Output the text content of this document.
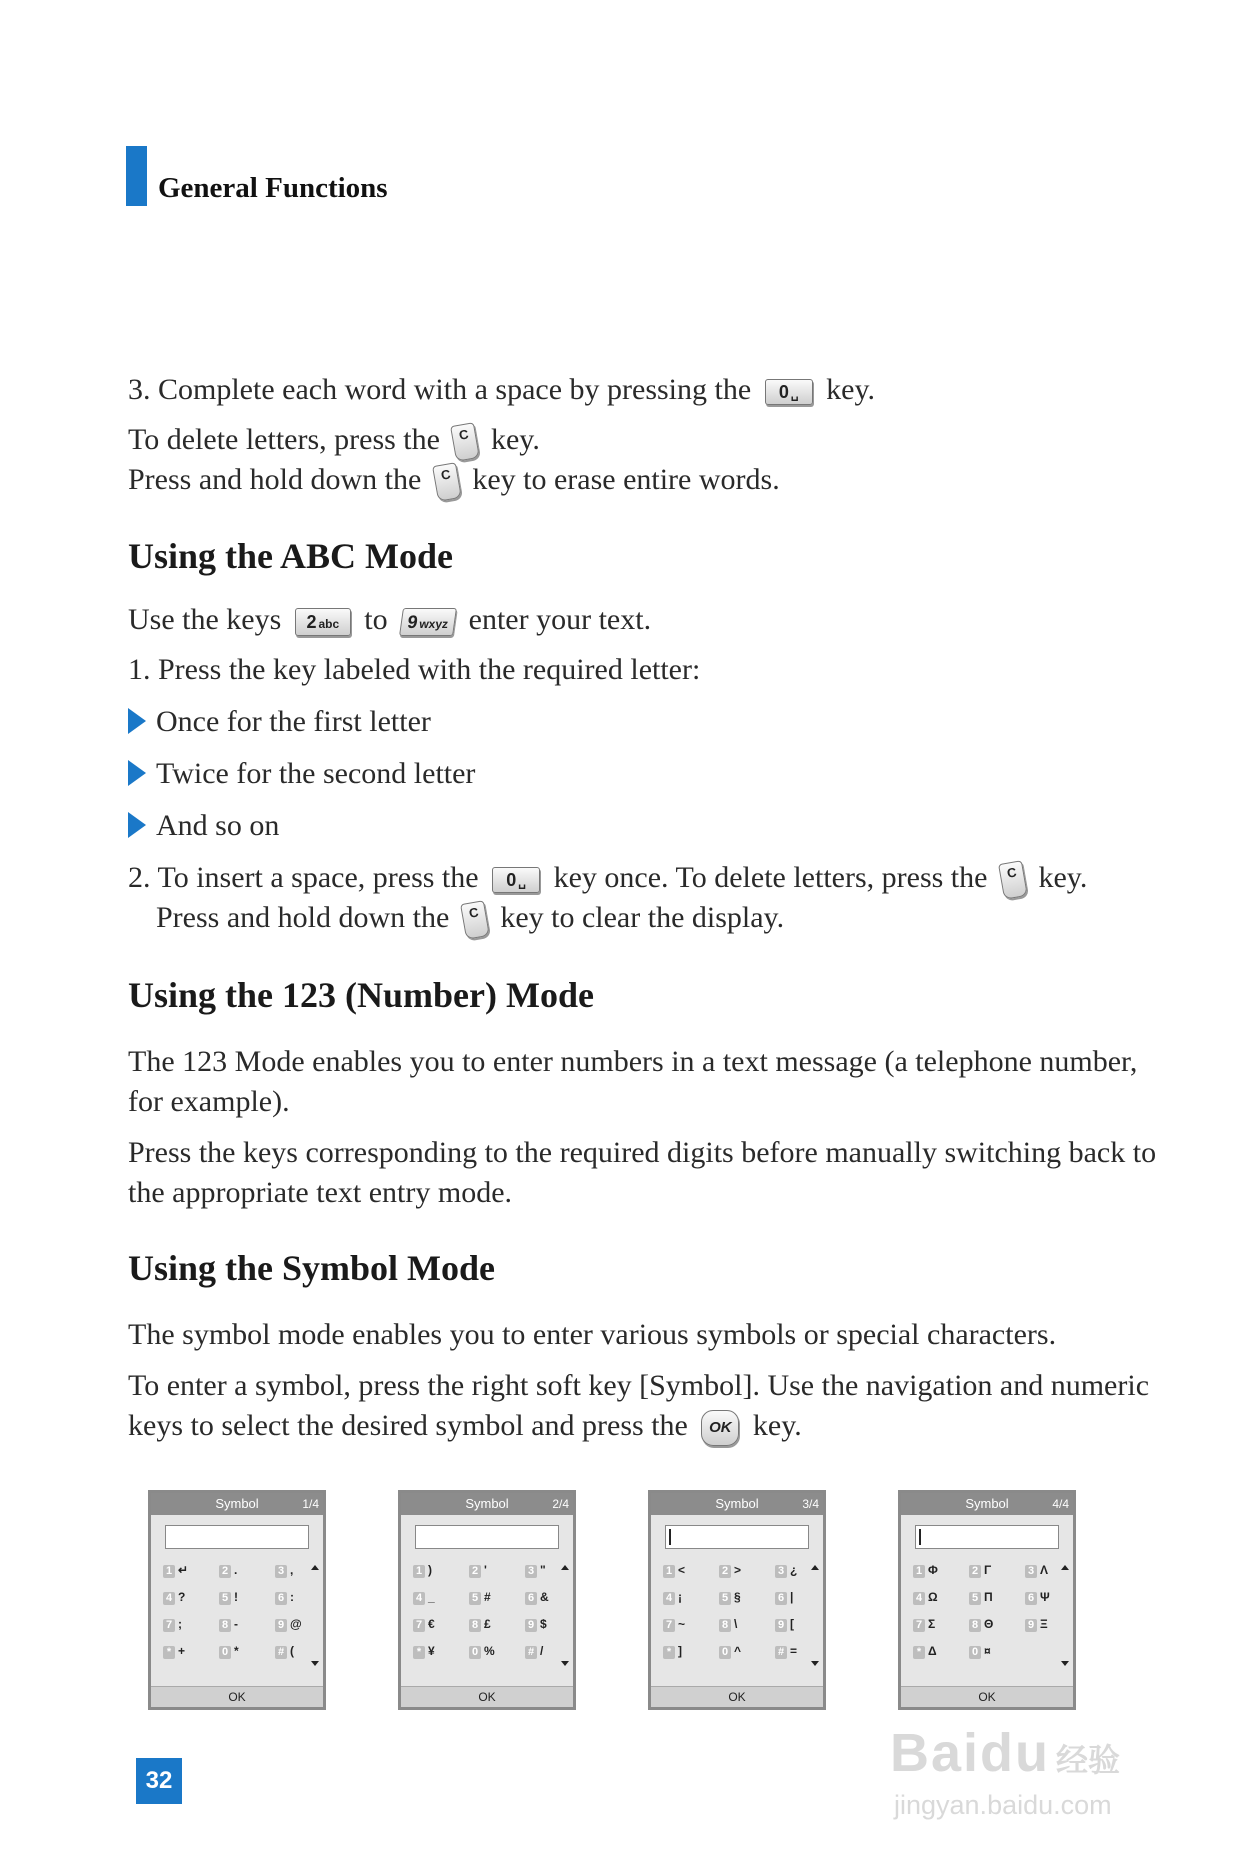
General Functions
3. Complete each word with a space by pressing the 0 ␣ key.
To delete letters, press the C key.
Press and hold down the C key to erase entire words.
Using the ABC Mode
Use the keys 2 abc to 9wxyz enter your text.
1. Press the key labeled with the required letter:
Once for the first letter
Twice for the second letter
And so on
2. To insert a space, press the 0 ␣ key once. To delete letters, press the C key.
Press and hold down the C key to clear the display.
Using the 123 (Number) Mode
The 123 Mode enables you to enter numbers in a text message (a telephone number,
for example).
Press the keys corresponding to the required digits before manually switching back to
the appropriate text entry mode.
Using the Symbol Mode
The symbol mode enables you to enter various symbols or special characters.
To enter a symbol, press the right soft key [Symbol]. Use the navigation and numeric
keys to select the desired symbol and press the OK key.
Symbol	1/4
1 ↵	2 .	3 ,
4 ?	5 !	6 :
7 ;	8 -	9 @
* +	0 *	# (
OK
Symbol	2/4
1 )	2 '	3 "
4 _	5 #	6 &
7 €	8 £	9 $
* ¥	0 %	# /
OK
Symbol	3/4
1 <	2 >	3 ¿
4 ¡	5 §	6 |
7 ~	8 \	9 [
* ]	0 ^	# =
OK
Symbol	4/4
1 Φ	2 Γ	3 Λ
4 Ω	5 Π	6 Ψ
7 Σ	8 Θ	9 Ξ
* Δ	0 ¤
OK
32	Baidu 经验
jingyan.baidu.com
